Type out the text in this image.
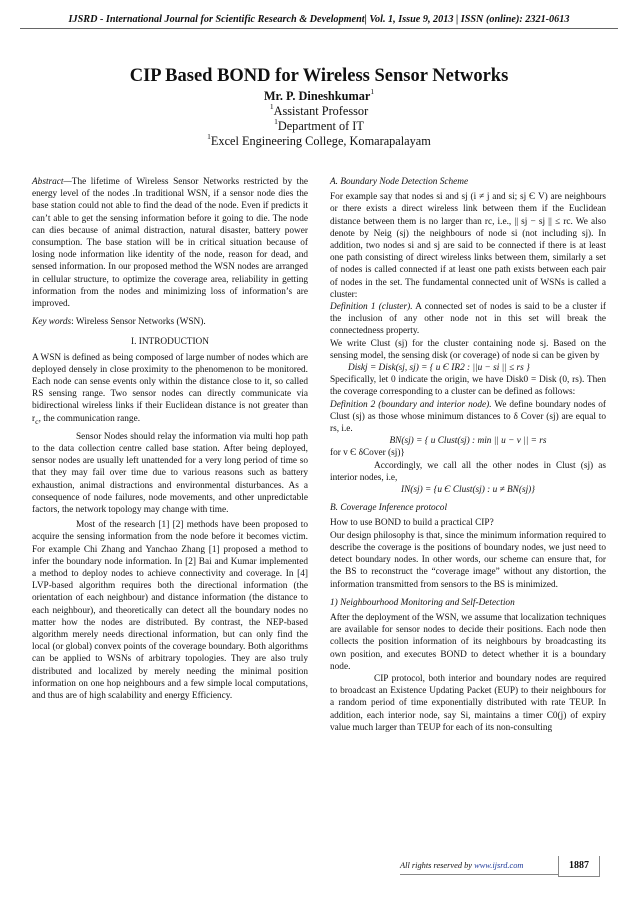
IJSRD - International Journal for Scientific Research & Development| Vol. 1, Issue 9, 2013 | ISSN (online): 2321-0613
CIP Based BOND for Wireless Sensor Networks
Mr. P. Dineshkumar$^1$
$^1$Assistant Professor
$^1$Department of IT
$^1$Excel Engineering College, Komarapalayam

Abstract—The lifetime of Wireless Sensor Networks restricted by the energy level of the nodes .In traditional WSN, if a sensor node dies the base station could not able to find the dead of the node. Even if predicts it can’t able to get the sensing information before it going to die. The node can dies because of animal distraction, natural disaster, battery power consumption. The base station will be in critical situation because of losing node information like identity of the node, reason for dead, and sensed information. In our proposed method the WSN nodes are arranged in cellular structure, to optimize the coverage area, reliability in getting information from the nodes and minimizing loss of information’s are improved.

Key words: Wireless Sensor Networks (WSN).

I. INTRODUCTION

A WSN is defined as being composed of large number of nodes which are deployed densely in close proximity to the phenomenon to be monitored. Each node can sense events only within the distance close to it, so called RS sensing range. Two sensor nodes can directly communicate via bidirectional wireless links if their Euclidean distance is not greater than $r_c$, the communication range.

Sensor Nodes should relay the information via multi hop path to the data collection centre called base station. After being deployed, sensor nodes are usually left unattended for a very long period of time so that they may fail over time due to various reasons such as battery exhaustion, animal distractions and environmental disturbances. As a consequence of node failures, node movements, and other unpredictable factors, the network topology may change with time.

Most of the research [1] [2] methods have been proposed to acquire the sensing information from the node before it becomes victim. For example Chi Zhang and Yanchao Zhang [1] proposed a method to infer the boundary node information. In [2] Bai and Kumar implemented a method to deploy nodes to achieve connectivity and coverage. In [4] LVP-based algorithm requires both the directional information (the orientation of each neighbour) and distance information (the distance to each neighbour), and theoretically can detect all the boundary nodes no matter how the nodes are distributed. By contrast, the NEP-based algorithm merely needs directional information, but can only find the local (or global) convex points of the coverage boundary. Both algorithms can be applied to WSNs of arbitrary topologies. They are also truly distributed and localized by merely needing the minimal position information on one hop neighbours and a few simple local computations, and thus are of high scalability and energy Efficiency.

A. Boundary Node Detection Scheme

For example say that nodes si and sj (i ≠ j and si; sj Є V) are neighbours or there exists a direct wireless link between them if the Euclidean distance between them is no larger than rc, i.e., || sj − sj || ≤ rc. We also denote by Neig (sj) the neighbours of node si (not including sj). In addition, two nodes si and sj are said to be connected if there is at least one path consisting of direct wireless links between them, similarly a set of nodes is called connected if at least one path exists between each pair of nodes in the set. The fundamental connected unit of WSNs is called a cluster:

Definition 1 (cluster). A connected set of nodes is said to be a cluster if the inclusion of any other node not in this set will break the connectedness property.

We write Clust (sj) for the cluster containing node sj. Based on the sensing model, the sensing disk (or coverage) of node si can be given by

Diskj = Disk(sj, sj) = { u Є IR2 : ||u − si || ≤ rs }

Specifically, let 0 indicate the origin, we have Disk0 = Disk (0, rs). Then the coverage corresponding to a cluster can be defined as follows:

Definition 2 (boundary and interior node). We define boundary nodes of Clust (sj) as those whose minimum distances to δ Cover (sj) are equal to rs, i.e.

BN(sj) = { u Clust(sj) : min || u − v || = rs

for v Є δCover (sj)}

Accordingly, we call all the other nodes in Clust (sj) as interior nodes, i.e,

IN(sj) = {u Є Clust(sj) : u ≠ BN(sj)}

B. Coverage Inference protocol

How to use BOND to build a practical CIP?

Our design philosophy is that, since the minimum information required to describe the coverage is the positions of boundary nodes, we just need to detect boundary nodes. In other words, our scheme can ensure that, for the BS to reconstruct the “coverage image” without any distortion, the information transmitted from sensors to the BS is minimized.

1) Neighbourhood Monitoring and Self-Detection

After the deployment of the WSN, we assume that localization techniques are available for sensor nodes to decide their positions. Each node then collects the position information of its neighbours by broadcasting its own position, and executes BOND to detect whether it is a boundary node.

CIP protocol, both interior and boundary nodes are required to broadcast an Existence Updating Packet (EUP) to their neighbours for a random period of time exponentially distributed with rate TEUP. In addition, each interior node, say Si, maintains a timer C0(j) of expiry value much larger than TEUP for each of its non-consulting

All rights reserved by www.ijsrd.com	1887
